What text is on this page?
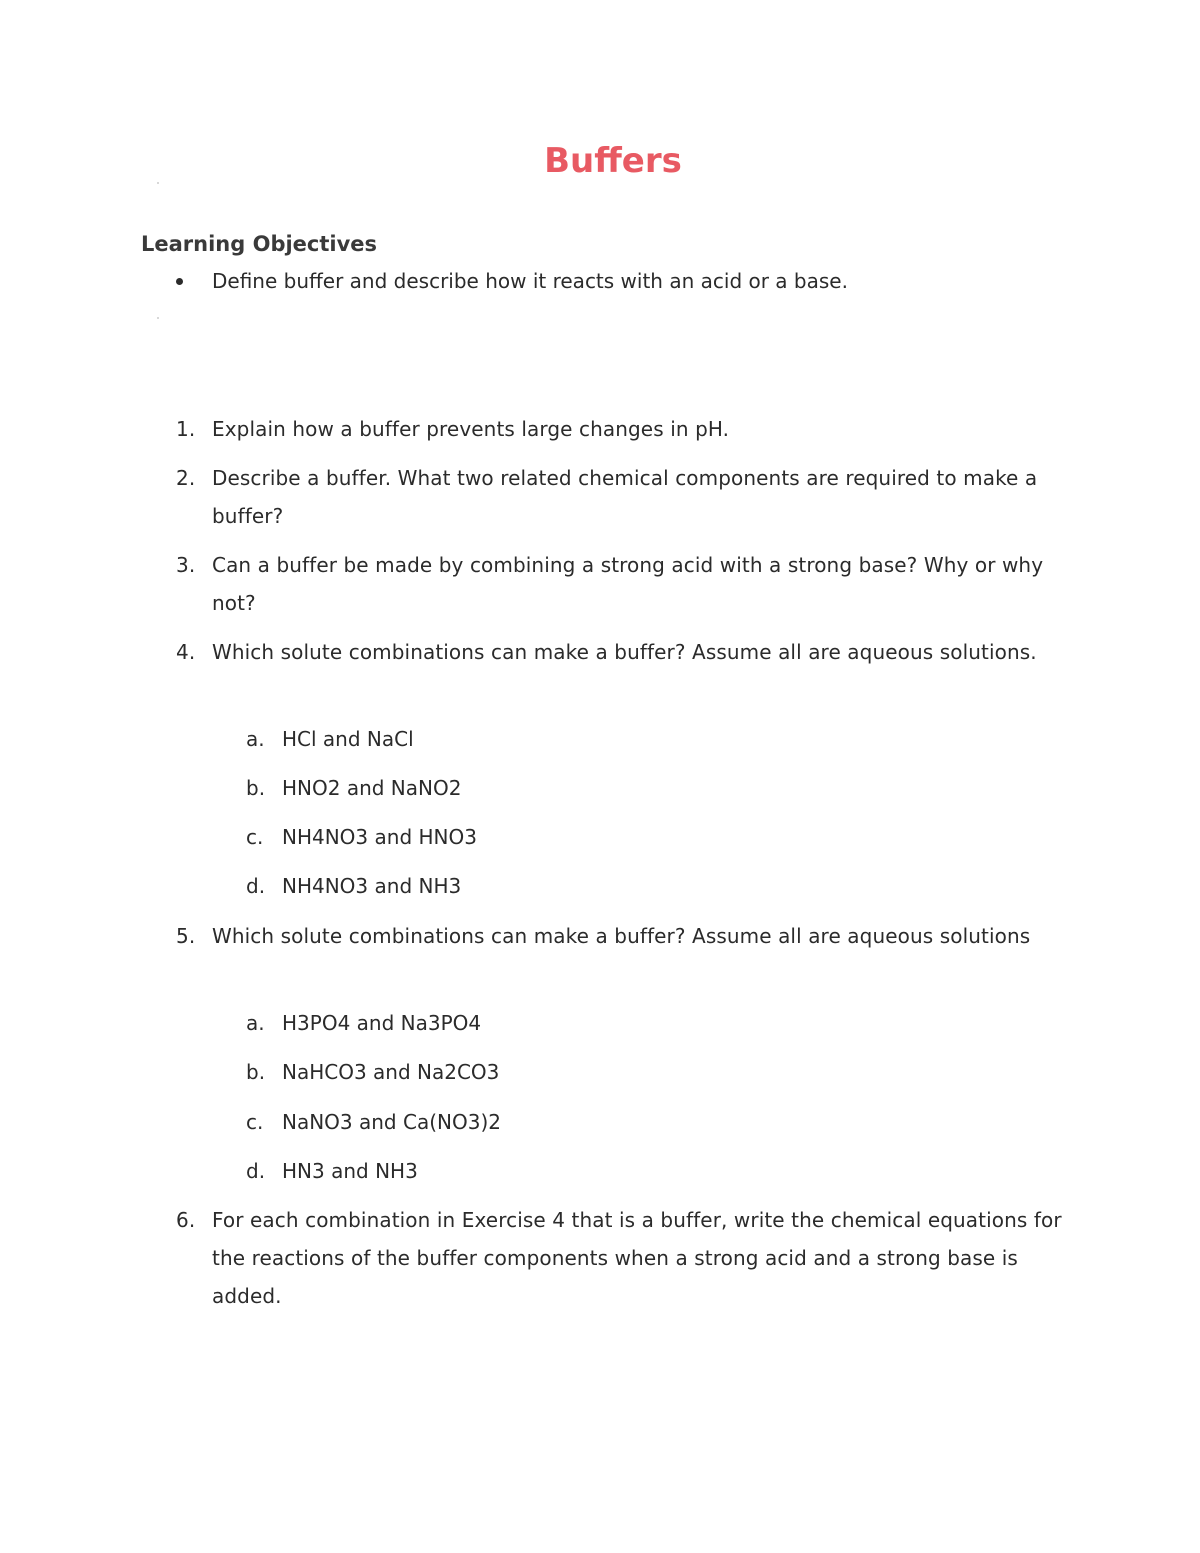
Buffers
Learning Objectives
Define buffer and describe how it reacts with an acid or a base.
1. Explain how a buffer prevents large changes in pH.
2. Describe a buffer. What two related chemical components are required to make a buffer?
3. Can a buffer be made by combining a strong acid with a strong base? Why or why not?
4. Which solute combinations can make a buffer? Assume all are aqueous solutions.
a. HCl and NaCl
b. HNO2 and NaNO2
c. NH4NO3 and HNO3
d. NH4NO3 and NH3
5. Which solute combinations can make a buffer? Assume all are aqueous solutions
a. H3PO4 and Na3PO4
b. NaHCO3 and Na2CO3
c. NaNO3 and Ca(NO3)2
d. HN3 and NH3
6. For each combination in Exercise 4 that is a buffer, write the chemical equations for the reactions of the buffer components when a strong acid and a strong base is added.
